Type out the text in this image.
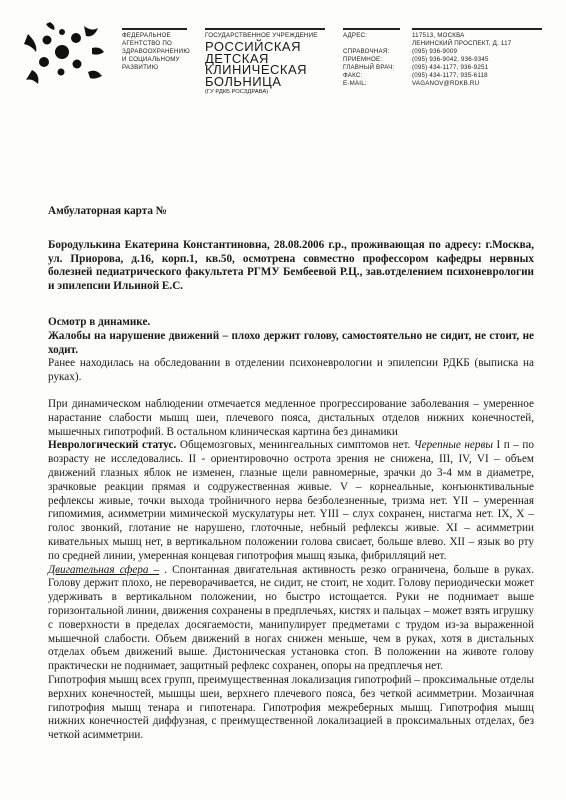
ФЕДЕРАЛЬНОЕ
АГЕНТСТВО ПО
ЗДРАВООХРАНЕНИЮ
И СОЦИАЛЬНОМУ
РАЗВИТИЮ
ГОСУДАРСТВЕННОЕ УЧРЕЖДЕНИЕ
РОССИЙСКАЯ
ДЕТСКАЯ
КЛИНИЧЕСКАЯ
БОЛЬНИЦА
(ГУ РДКБ РОСЗДРАВА)
АДРЕС:

СПРАВОЧНАЯ:
ПРИЕМНОЕ:
ГЛАВНЫЙ ВРАЧ:
ФАКС:
E-MAIL:
117513, МОСКВА
ЛЕНИНСКИЙ ПРОСПЕКТ, Д. 117
(095) 936-9009
(095) 936-9042, 936-9345
(095) 434-1177, 936-9251
(095) 434-1177, 935-6118
VAGANOV@RDKB.RU

Амбулаторная карта №

Бородулькина Екатерина Константиновна, 28.08.2006 г.р., проживающая по адресу: г.Москва, ул. Приорова, д.16, корп.1, кв.50, осмотрена совместно профессором кафедры нервных болезней педиатрического факультета РГМУ Бембеевой Р.Ц., зав.отделением психоневрологии и эпилепсии Ильиной Е.С.

Осмотр в динамике.

Жалобы на нарушение движений – плохо держит голову, самостоятельно не сидит, не стоит, не ходит.

Ранее находилась на обследовании в отделении психоневрологии и эпилепсии РДКБ (выписка на руках).

При динамическом наблюдении отмечается медленное прогрессирование заболевания – умеренное нарастание слабости мышц шеи, плечевого пояса, дистальных отделов нижних конечностей, мышечных гипотрофий. В остальном клиническая картина без динамики
Неврологический статус. Общемозговых, менингеальных симптомов нет. Черепные нервы I п – по возрасту не исследовались. II - ориентировочно острота зрения не снижена, III, IV, VI – объем движений глазных яблок не изменен, глазные щели равномерные, зрачки до 3-4 мм в диаметре, зрачковые реакции прямая и содружественная живые. V – корнеальные, конъюнктивальные рефлексы живые, точки выхода тройничного нерва безболезненные, тризма нет. YII – умеренная гипомимия, асимметрии мимической мускулатуры нет. YIII – слух сохранен, нистагма нет. IX, X – голос звонкий, глотание не нарушено, глоточные, небный рефлексы живые. XI – асимметрии кивательных мышц нет, в вертикальном положении голова свисает, больше влево. XII – язык во рту по средней линии, умеренная концевая гипотрофия мышц языка, фибрилляций нет.

Двигательная сфера – . Спонтанная двигательная активность резко ограничена, больше в руках. Голову держит плохо, не переворачивается, не сидит, не стоит, не ходит. Голову периодически может удерживать в вертикальном положении, но быстро истощается. Руки не поднимает выше горизонтальной линии, движения сохранены в предплечьях, кистях и пальцах – может взять игрушку с поверхности в пределах досягаемости, манипулирует предметами с трудом из-за выраженной мышечной слабости. Объем движений в ногах снижен меньше, чем в руках, хотя в дистальных отделах объем движений выше. Дистоническая установка стоп. В положении на животе голову практически не поднимает, защитный рефлекс сохранен, опоры на предплечья нет.

Гипотрофия мышц всех групп, преимущественная локализация гипотрофий – проксимальные отделы верхних конечностей, мышцы шеи, верхнего плечевого пояса, без четкой асимметрии. Мозаичная гипотрофия мышц тенара и гипотенара. Гипотрофия межреберных мышц. Гипотрофия мышц нижних конечностей диффузная, с преимущественной локализацией в проксимальных отделах, без четкой асимметрии.
